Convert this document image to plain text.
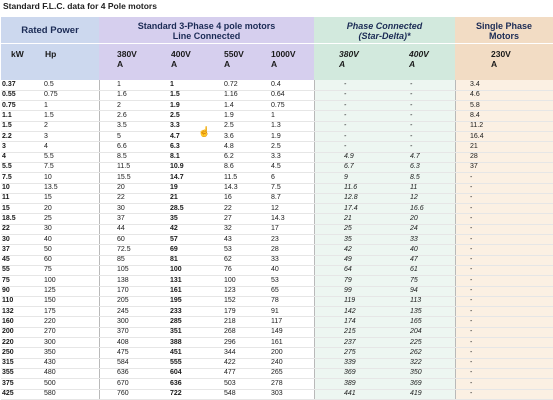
Standard F.L.C. data for 4 Pole motors
Rated Power
kW	Hp
Standard 3-Phase 4 pole motors
Line Connected
380V
A
400V
A
550V
A
1000V
A
Phase Connected
(Star-Delta)*
380V
A
400V
A
Single Phase
Motors
230V
A
0.37	0.5	1	1	0.72	0.4	-	-	3.4
0.55	0.75	1.6	1.5	1.16	0.64	-	-	4.6
0.75	1	2	1.9	1.4	0.75	-	-	5.8
1.1	1.5	2.6	2.5	1.9	1	-	-	8.4
1.5	2	3.5	3.3	2.5	1.3	-	-	11.2
2.2	3	5	4.7	3.6	1.9	-	-	16.4
3	4	6.6	6.3	4.8	2.5	-	-	21
4	5.5	8.5	8.1	6.2	3.3	4.9	4.7	28
5.5	7.5	11.5	10.9	8.6	4.5	6.7	6.3	37
7.5	10	15.5	14.7	11.5	6	9	8.5	-
10	13.5	20	19	14.3	7.5	11.6	11	-
11	15	22	21	16	8.7	12.8	12	-
15	20	30	28.5	22	12	17.4	16.6	-
18.5	25	37	35	27	14.3	21	20	-
22	30	44	42	32	17	25	24	-
30	40	60	57	43	23	35	33	-
37	50	72.5	69	53	28	42	40	-
45	60	85	81	62	33	49	47	-
55	75	105	100	76	40	64	61	-
75	100	138	131	100	53	79	75	-
90	125	170	161	123	65	99	94	-
110	150	205	195	152	78	119	113	-
132	175	245	233	179	91	142	135	-
160	220	300	285	218	117	174	165	-
200	270	370	351	268	149	215	204	-
220	300	408	388	296	161	237	225	-
250	350	475	451	344	200	275	262	-
315	430	584	555	422	240	339	322	-
355	480	636	604	477	265	369	350	-
375	500	670	636	503	278	389	369	-
425	580	760	722	548	303	441	419	-
☝
